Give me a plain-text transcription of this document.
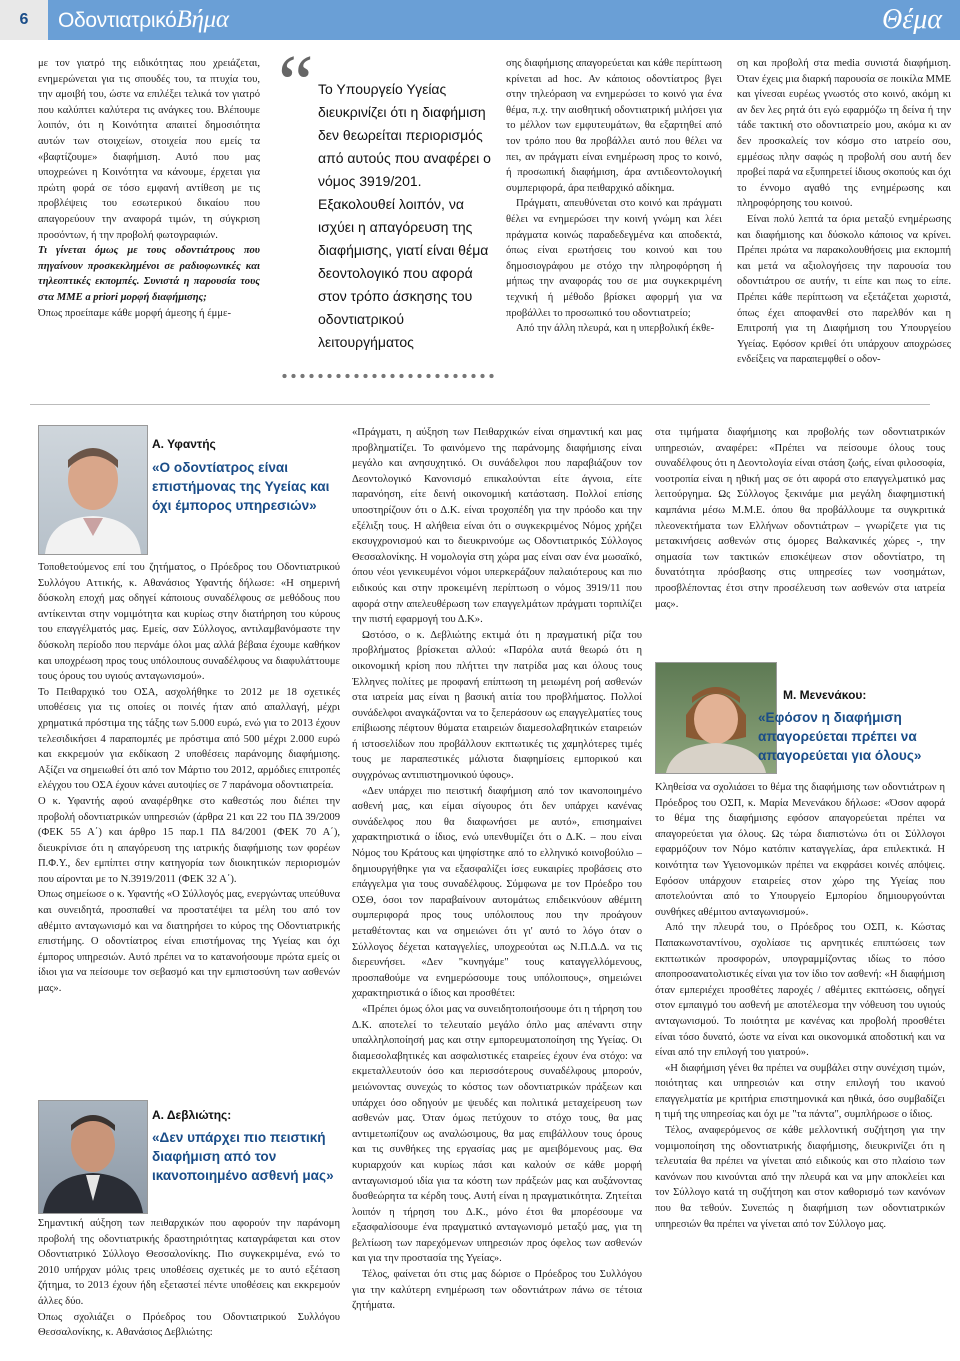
6	ΟδοντιατρικόΒήμα	Θέμα

με τον γιατρό της ειδικότητας που χρειάζεται, ενημερώνεται για τις σπουδές του, τα πτυχία του, την αμοιβή του, ώστε να επιλέξει τελικά τον γιατρό που καλύπτει καλύτερα τις ανάγκες του. Βλέπουμε λοιπόν, ότι η Κοινότητα απαιτεί δημοσιότητα αυτών των στοιχείων, στοιχεία που εμείς τα «βαφτίζουμε» διαφήμιση. Αυτό που μας υποχρεώνει η Κοινότητα να κάνουμε, έρχεται για πρώτη φορά σε τόσο εμφανή αντίθεση με τις προβλέψεις του εσωτερικού δικαίου που απαγορεύουν την αναφορά τιμών, τη σύγκριση προσόντων, ή την προβολή φωτογραφιών.

Τι γίνεται όμως με τους οδοντιάτρους που πηγαίνουν προσκεκλημένοι σε ραδιοφωνικές και τηλεοπτικές εκπομπές. Συνιστά η παρουσία τους στα ΜΜΕ a priori μορφή διαφήμισης;

Όπως προείπαμε κάθε μορφή άμεσης ή έμμε-

“ Το Υπουργείο Υγείας διευκρινίζει ότι η διαφήμιση δεν θεωρείται περιορισμός από αυτούς που αναφέρει ο νόμος 3919/201. Εξακολουθεί λοιπόν, να ισχύει η απαγόρευση της διαφήμισης, γιατί είναι θέμα δεοντολογικό που αφορά στον τρόπο άσκησης του οδοντιατρικού λειτουργήματος

σης διαφήμισης απαγορεύεται και κάθε περίπτωση κρίνεται ad hoc. Αν κάποιος οδοντίατρος βγει στην τηλεόραση να ενημερώσει το κοινό για ένα θέμα, π.χ. την αισθητική οδοντιατρική μιλήσει για το μέλλον των εμφυτευμάτων, θα εξαρτηθεί από τον τρόπο που θα προβάλλει αυτό που θέλει να πει, αν πράγματι είναι ενημέρωση προς το κοινό, ή προσωπική διαφήμιση, άρα αντιδεοντολογική συμπεριφορά, άρα πειθαρχικό αδίκημα.

Πράγματι, απευθύνεται στο κοινό και πράγματι θέλει να ενημερώσει την κοινή γνώμη και λέει πράγματα κοινώς παραδεδεγμένα και αποδεκτά, όπως είναι ερωτήσεις του κοινού και του δημοσιογράφου με στόχο την πληροφόρηση ή μήπως την αναφοράς του σε μια συγκεκριμένη τεχνική ή μέθοδο βρίσκει αφορμή για να προβάλλει το προσωπικό του οδοντιατρείο;

Από την άλλη πλευρά, και η υπερβολική έκθε-

ση και προβολή στα media συνιστά διαφήμιση. Όταν έχεις μια διαρκή παρουσία σε ποικίλα ΜΜΕ και γίνεσαι ευρέως γνωστός στο κοινό, ακόμη κι αν δεν λες ρητά ότι εγώ εφαρμόζω τη δείνα ή την τάδε τακτική στο οδοντιατρείο μου, ακόμα κι αν δεν προσκαλείς τον κόσμο στο ιατρείο σου, εμμέσως πλην σαφώς η προβολή σου αυτή δεν προβεί παρά να εξυπηρετεί ίδιους σκοπούς και όχι το έννομο αγαθό της ενημέρωσης και πληροφόρησης του κοινού.

Είναι πολύ λεπτά τα όρια μεταξύ ενημέρωσης και διαφήμισης και δύσκολο κάποιος να κρίνει. Πρέπει πρώτα να παρακολουθήσεις μια εκπομπή και μετά να αξιολογήσεις την παρουσία του οδοντιάτρου σε αυτήν, τι είπε και πως το είπε. Πρέπει κάθε περίπτωση να εξετάζεται χωριστά, όπως έχει αποφανθεί στο παρελθόν και η Επιτροπή για τη Διαφήμιση του Υπουργείου Υγείας. Εφόσον κριθεί ότι υπάρχουν αποχρώσες ενδείξεις να παραπεμφθεί ο οδον-

Α. Υφαντής
«Ο οδοντίατρος είναι επιστήμονας της Υγείας και όχι έμπορος υπηρεσιών»

Τοποθετούμενος επί του ζητήματος, ο Πρόεδρος του Οδοντιατρικού Συλλόγου Αττικής, κ. Αθανάσιος Υφαντής δήλωσε: «Η σημερινή δύσκολη εποχή μας οδηγεί κάποιους συναδέλφους σε μεθόδους που αντίκεινται στην νομιμότητα και κυρίως στην διατήρηση του κύρους του επαγγέλματός μας. Εμείς, σαν Σύλλογος, αντιλαμβανόμαστε την δύσκολη περίοδο που περνάμε όλοι μας αλλά βέβαια έχουμε καθήκον και υποχρέωση προς τους υπόλοιπους συναδέλφους να διαφυλάττουμε τους όρους του υγιούς ανταγωνισμού».

Το Πειθαρχικό του ΟΣΑ, ασχολήθηκε το 2012 με 18 σχετικές υποθέσεις για τις οποίες οι ποινές ήταν από απαλλαγή, μέχρι χρηματικά πρόστιμα της τάξης των 5.000 ευρώ, ενώ για το 2013 έχουν τελεσιδικήσει 4 παραπομπές με πρόστιμα από 500 μέχρι 2.000 ευρώ και εκκρεμούν για εκδίκαση 2 υποθέσεις παράνομης διαφήμισης. Αξίζει να σημειωθεί ότι από τον Μάρτιο του 2012, αρμόδιες επιτροπές ελέγχου του ΟΣΑ έχουν κάνει αυτοψίες σε 7 παράνομα οδοντιατρεία.

Ο κ. Υφαντής αφού αναφέρθηκε στο καθεστώς που διέπει την προβολή οδοντιατρικών υπηρεσιών (άρθρα 21 και 22 του ΠΔ 39/2009 (ΦΕΚ 55 Α΄) και άρθρο 15 παρ.1 ΠΔ 84/2001 (ΦΕΚ 70 Α΄), διευκρίνισε ότι η απαγόρευση της ιατρικής διαφήμισης των φορέων Π.Φ.Υ., δεν εμπίπτει στην κατηγορία των διοικητικών περιορισμών που αίρονται με το Ν.3919/2011 (ΦΕΚ 32 Α΄).

Όπως σημείωσε ο κ. Υφαντής «Ο Σύλλογός μας, ενεργώντας υπεύθυνα και συνειδητά, προσπαθεί να προστατέψει τα μέλη του από τον αθέμιτο ανταγωνισμό και να διατηρήσει το κύρος της Οδοντιατρικής επιστήμης. Ο οδοντίατρος είναι επιστήμονας της Υγείας και όχι έμπορος υπηρεσιών. Αυτό πρέπει να το κατανοήσουμε πρώτα εμείς οι ίδιοι για να πείσουμε τον σεβασμό και την εμπιστοσύνη των ασθενών μας».

Α. Δεβλιώτης:
«Δεν υπάρχει πιο πειστική διαφήμιση από τον ικανοποιημένο ασθενή μας»

Σημαντική αύξηση των πειθαρχικών που αφορούν την παράνομη προβολή της οδοντιατρικής δραστηριότητας καταγράφεται και στον Οδοντιατρικό Σύλλογο Θεσσαλονίκης. Πιο συγκεκριμένα, ενώ το 2010 υπήρχαν μόλις τρεις υποθέσεις σχετικές με το αυτό εξέταση ζήτημα, το 2013 έχουν ήδη εξεταστεί πέντε υποθέσεις και εκκρεμούν άλλες δύο.

Όπως σχολιάζει ο Πρόεδρος του Οδοντιατρικού Συλλόγου Θεσσαλονίκης, κ. Αθανάσιος Δεβλιώτης:

«Πράγματι, η αύξηση των Πειθαρχικών είναι σημαντική και μας προβληματίζει. Το φαινόμενο της παράνομης διαφήμισης είναι μεγάλο και ανησυχητικό. Οι συνάδελφοι που παραβιάζουν τον Δεοντολογικό Κανονισμό επικαλούνται είτε άγνοια, είτε παρανόηση, είτε δεινή οικονομική κατάσταση. Πολλοί επίσης υποστηρίζουν ότι ο Δ.Κ. είναι τροχοπέδη για την πρόοδο και την εξέλιξη τους. Η αλήθεια είναι ότι ο συγκεκριμένος Νόμος χρήζει εκσυγχρονισμού και το διευκρινούμε ως Οδοντιατρικός Σύλλογος Θεσσαλονίκης. Η νομολογία στη χώρα μας είναι σαν ένα μωσαϊκό, όπου νέοι γενικευμένοι νόμοι υπερκεράζουν παλαιότερους και πιο ειδικούς και στην προκειμένη περίπτωση ο νόμος 3919/11 που αφορά στην απελευθέρωση των επαγγελμάτων πράγματι τορπιλίζει την πιστή εφαρμογή του Δ.Κ».

Ωστόσο, ο κ. Δεβλιώτης εκτιμά ότι η πραγματική ρίζα του προβλήματος βρίσκεται αλλού: «Παρόλα αυτά θεωρώ ότι η οικονομική κρίση που πλήττει την πατρίδα μας και όλους τους Έλληνες πολίτες με προφανή επίπτωση τη μειωμένη ροή ασθενών στα ιατρεία μας είναι η βασική αιτία του προβλήματος. Πολλοί συνάδελφοι αναγκάζονται να το ξεπεράσουν ως επαγγελματίες τους επίβιωσης πέφτουν θύματα εταιρειών διαμεσολαβητικών εταιρειών ή ιστοσελίδων που προβάλλουν εκπτωτικές τις χαμηλότερες τιμές τους με παραπεστικές μάλιστα διαφημίσεις εμπορικού και συγχρόνως αντιπιστημονικού ύφους».

«Δεν υπάρχει πιο πειστική διαφήμιση από τον ικανοποιημένο ασθενή μας, και είμαι σίγουρος ότι δεν υπάρχει κανένας συνάδελφος που θα διαφωνήσει με αυτό», επισημαίνει χαρακτηριστικά ο ίδιος, ενώ υπενθυμίζει ότι ο Δ.Κ. – που είναι Νόμος του Κράτους και ψηφίστηκε από το ελληνικό κοινοβούλιο – δημιουργήθηκε για να εξασφαλίζει ίσες ευκαιρίες προβάσεις στο επάγγελμα για τους συναδέλφους. Σύμφωνα με τον Πρόεδρο του ΟΣΘ, όσοι τον παραβαίνουν αυτομάτως επιδεικνύουν αθέμιτη συμπεριφορά προς τους υπόλοιπους που την προάγουν μεταθέτοντας και να σημειώνει ότι γι' αυτό το λόγο όταν ο Σύλλογος δέχεται καταγγελίες, υποχρεούται ως Ν.Π.Δ.Δ. να τις διερευνήσει. «Δεν "κυνηγάμε" τους καταγγελλόμενους, προσπαθούμε να ενημερώσουμε τους υπόλοιπους», σημειώνει χαρακτηριστικά ο ίδιος και προσθέτει:

«Πρέπει όμως όλοι μας να συνειδητοποιήσουμε ότι η τήρηση του Δ.Κ. αποτελεί το τελευταίο μεγάλο όπλο μας απέναντι στην υπαλληλοποίησή μας και στην εμπορευματοποίηση της Υγείας. Οι διαμεσολαβητικές και ασφαλιστικές εταιρείες έχουν ένα στόχο: να εκμεταλλευτούν όσο και περισσότερους συναδέλφους μπορούν, μειώνοντας συνεχώς το κόστος των οδοντιατρικών πράξεων και υπάρχει όσο οδηγούν με ψευδές και πολιτικά μεταχείρευση των ασθενών μας. Όταν όμως πετύχουν το στόχο τους, θα μας αντιμετωπίζουν ως αναλώσιμους, θα μας επιβάλλουν τους όρους και τις συνθήκες της εργασίας μας με αμειβόμενους μας. Θα κυριαρχούν και κυρίως πάσι και καλούν σε κάθε μορφή ανταγωνισμού ιδία για τα κόστη των πράξεών μας και αυξάνοντας δυσθεώρητα τα κέρδη τους. Αυτή είναι η πραγματικότητα. Ζητείται λοιπόν η τήρηση του Δ.Κ., μόνο έτσι θα μπορέσουμε να εξασφαλίσουμε ένα πραγματικό ανταγωνισμό μεταξύ μας, για τη βελτίωση των παρεχόμενων υπηρεσιών προς όφελος των ασθενών και για την προστασία της Υγείας».

Τέλος, φαίνεται ότι στις μας δώρισε ο Πρόεδρος του Συλλόγου για την καλύτερη ενημέρωση των οδοντιάτρων πάνω σε τέτοια ζητήματα.

στα τιμήματα διαφήμισης και προβολής των οδοντιατρικών υπηρεσιών, αναφέρει: «Πρέπει να πείσουμε όλους τους συναδέλφους ότι η Δεοντολογία είναι στάση ζωής, είναι φιλοσοφία, νοοτροπία είναι η ηθική μας σε ότι αφορά στο επαγγελματικό μας λειτούργημα. Ως Σύλλογος ξεκινάμε μια μεγάλη διαφημιστική καμπάνια μέσω Μ.Μ.Ε. όπου θα προβάλλουμε τα συγκριτικά πλεονεκτήματα των Ελλήνων οδοντιάτρων – γνωρίζετε για τις μετακινήσεις ασθενών στις όμορες Βαλκανικές χώρες -, την σημασία των τακτικών επισκέψεων στον οδοντίατρο, τη δυνατότητα πρόσβασης στις υπηρεσίες των νοσημάτων, προσβλέποντας έτσι στην προσέλευση των ασθενών στα ιατρεία μας».

Μ. Μενενάκου:
«Εφόσον η διαφήμιση απαγορεύεται πρέπει να απαγορεύεται για όλους»

Κληθείσα να σχολιάσει το θέμα της διαφήμισης των οδοντιάτρων η Πρόεδρος του ΟΣΠ, κ. Μαρία Μενενάκου δήλωσε: «Όσον αφορά το θέμα της διαφήμισης εφόσον απαγορεύεται πρέπει να απαγορεύεται για όλους. Ως τώρα διαπιστώνω ότι οι Σύλλογοι εφαρμόζουν τον Νόμο κατόπιν καταγγελίας, άρα επιλεκτικά. Η κοινότητα των Υγειονομικών πρέπει να εκφράσει κοινές απόψεις. Εφόσον υπάρχουν εταιρείες στον χώρο της Υγείας που αποτελούνται από το Υπουργείο Εμπορίου δημιουργούνται συνθήκες αθέμιτου ανταγωνισμού».

Από την πλευρά του, ο Πρόεδρος του ΟΣΠ, κ. Κώστας Παπακωνσταντίνου, σχολίασε τις αρνητικές επιπτώσεις των εκπτωτικών προσφορών, υπογραμμίζοντας ιδίως το πόσο αποπροσανατολιστικές είναι για τον ίδιο τον ασθενή: «Η διαφήμιση όταν εμπεριέχει προσθέτες παροχές / αθέμιτες εκπτώσεις, οδηγεί στον εμπαιγμό του ασθενή με αποτέλεσμα την νόθευση του υγιούς ανταγωνισμού. Το ποιότητα με κανένας και προβολή προσθέτει είναι τόσο δυνατό, ώστε να είναι και οικονομικά αποδοτική και να είναι από την επιλογή του γιατρού».

«Η διαφήμιση γένει θα πρέπει να συμβάλει στην συνέχιση τιμών, ποιότητας και υπηρεσιών και στην επιλογή του ικανού επαγγελματία με κριτήρια επιστημονικά και ηθικά, όσο συμβαδίζει η τιμή της υπηρεσίας και όχι με "τα πάντα", συμπλήρωσε ο ίδιος.

Τέλος, αναφερόμενος σε κάθε μελλοντική συζήτηση για την νομιμοποίηση της οδοντιατρικής διαφήμισης, διευκρινίζει ότι η τελευταία θα πρέπει να γίνεται από ειδικούς και στο πλαίσιο των κανόνων που κινούνται από την πλευρά και να μην αποκλείει και τον Σύλλογο κατά τη συζήτηση και στον καθορισμό των κανόνων που θα τεθούν. Συνεπώς η διαφήμιση των οδοντιατρικών υπηρεσιών θα πρέπει να γίνεται από τον Σύλλογο μας.
